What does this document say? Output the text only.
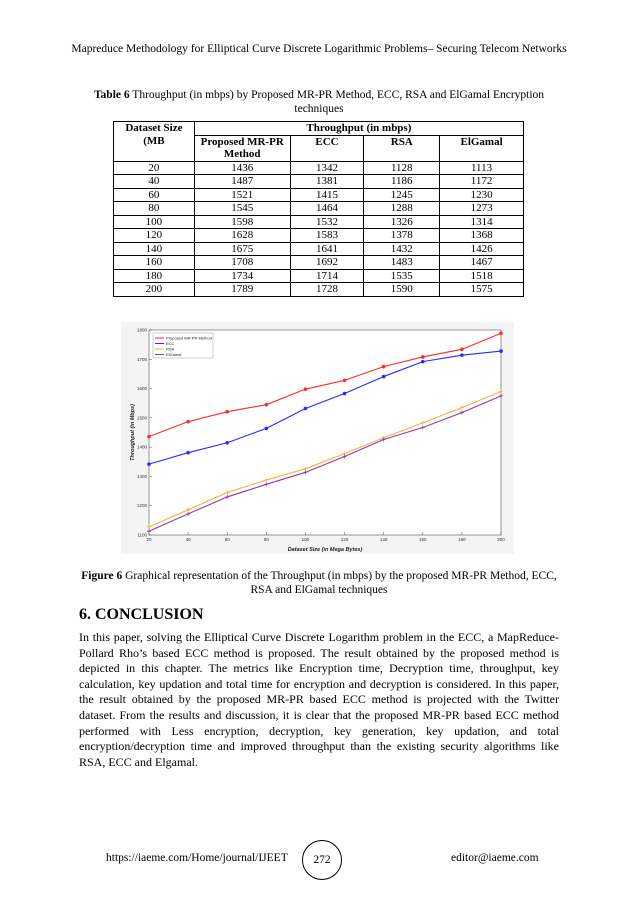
Mapreduce Methodology for Elliptical Curve Discrete Logarithmic Problems– Securing Telecom Networks
Table 6 Throughput (in mbps) by Proposed MR-PR Method, ECC, RSA and ElGamal Encryption techniques
Dataset Size (MB	Throughput (in mbps)			
	Proposed MR-PR Method	ECC	RSA	ElGamal
20	1436	1342	1128	1113
40	1487	1381	1186	1172
60	1521	1415	1245	1230
80	1545	1464	1288	1273
100	1598	1532	1326	1314
120	1628	1583	1378	1368
140	1675	1641	1432	1426
160	1708	1692	1483	1467
180	1734	1714	1535	1518
200	1789	1728	1590	1575
1100
1200
1300
1400
1500
1600
1700
1800
20	40	60	80	100	120	140	160	180	200
Dataset Size (in Mega Bytes)
Throughput (in Mbps)
Proposed MR-PR Method
ECC
RSA
ElGamal
Figure 6 Graphical representation of the Throughput (in mbps) by the proposed MR-PR Method, ECC, RSA and ElGamal techniques
6. CONCLUSION
In this paper, solving the Elliptical Curve Discrete Logarithm problem in the ECC, a MapReduce-Pollard Rho’s based ECC method is proposed. The result obtained by the proposed method is depicted in this chapter. The metrics like Encryption time, Decryption time, throughput, key calculation, key updation and total time for encryption and decryption is considered. In this paper, the result obtained by the proposed MR-PR based ECC method is projected with the Twitter dataset. From the results and discussion, it is clear that the proposed MR-PR based ECC method performed with Less encryption, decryption, key generation, key updation, and total encryption/decryption time and improved throughput than the existing security algorithms like RSA, ECC and Elgamal.
https://iaeme.com/Home/journal/IJEET	272	editor@iaeme.com
